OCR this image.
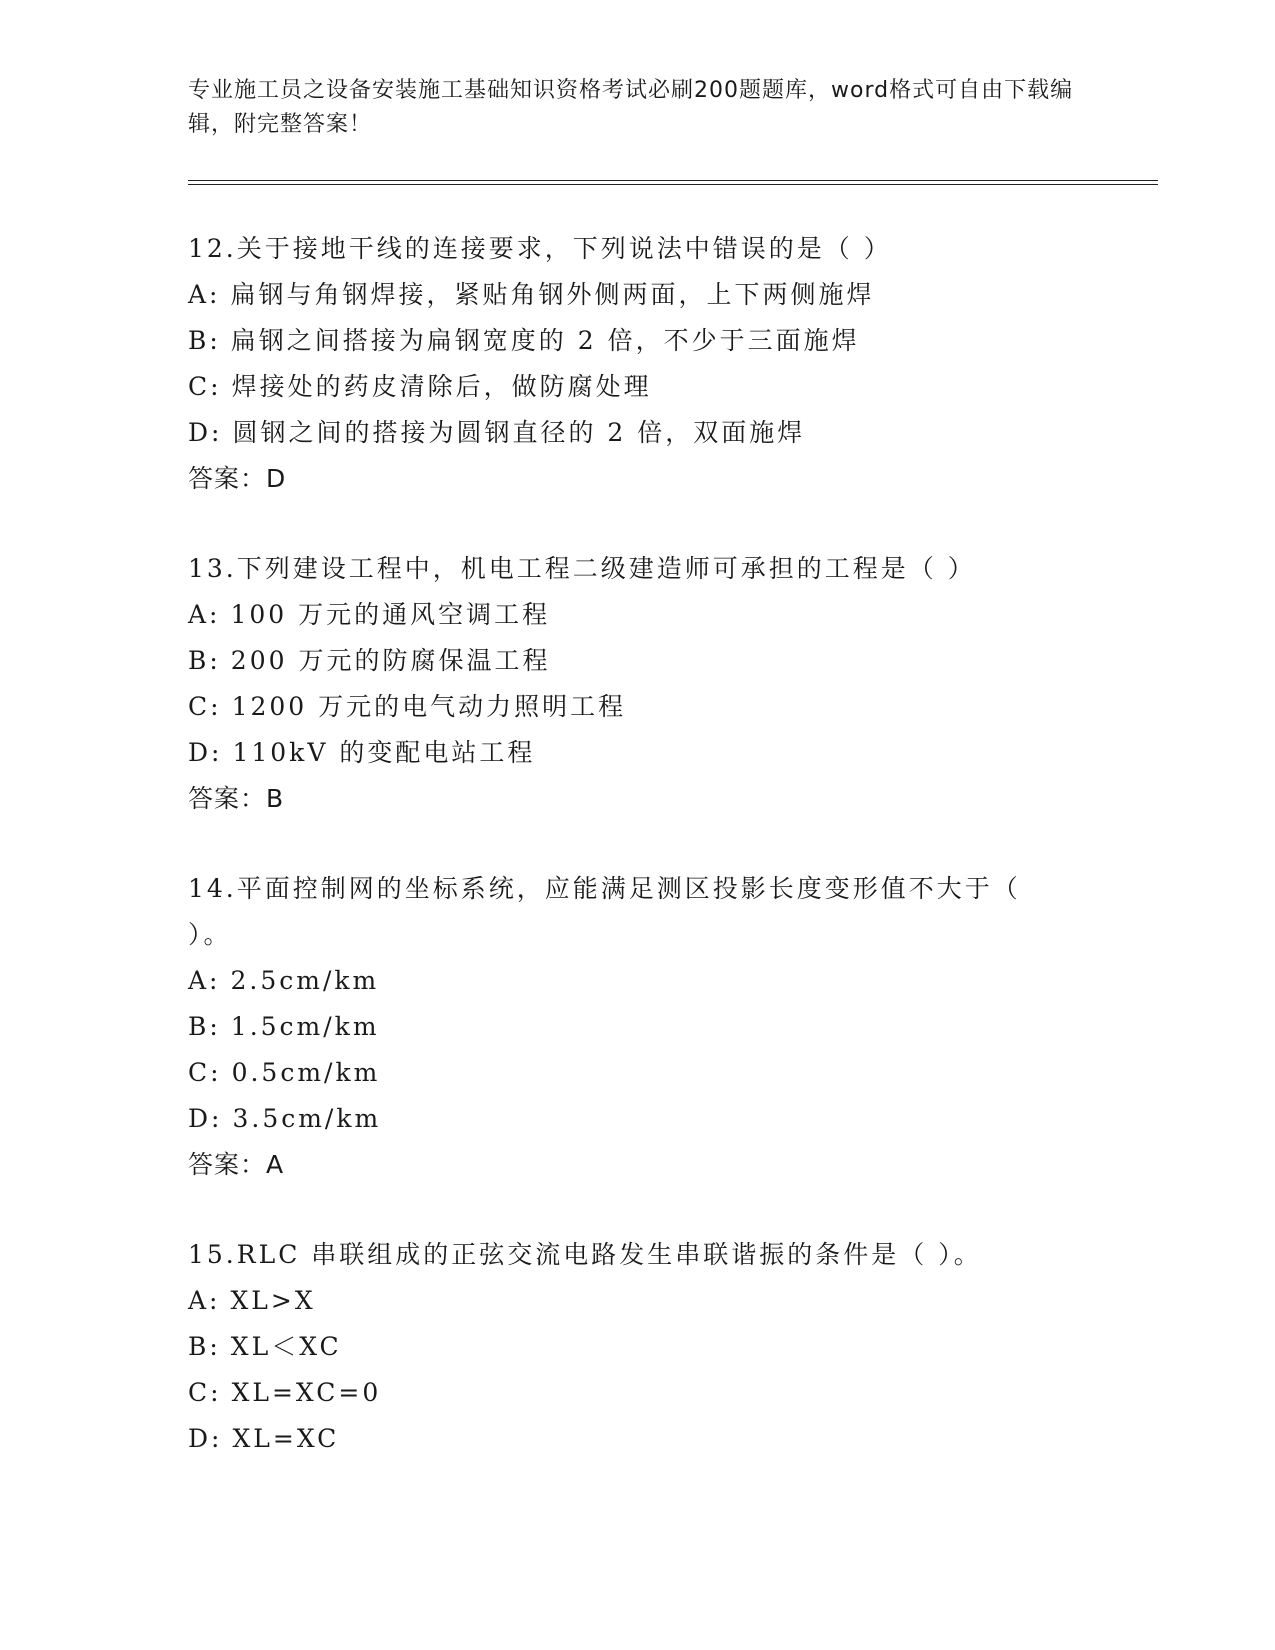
专业施工员之设备安装施工基础知识资格考试必刷200题题库，word格式可自由下载编辑，附完整答案！
12.关于接地干线的连接要求，下列说法中错误的是（ ）
A: 扁钢与角钢焊接，紧贴角钢外侧两面，上下两侧施焊
B: 扁钢之间搭接为扁钢宽度的 2 倍，不少于三面施焊
C: 焊接处的药皮清除后，做防腐处理
D: 圆钢之间的搭接为圆钢直径的 2 倍，双面施焊
答案：D
13.下列建设工程中，机电工程二级建造师可承担的工程是（ ）
A: 100 万元的通风空调工程
B: 200 万元的防腐保温工程
C: 1200 万元的电气动力照明工程
D: 110kV 的变配电站工程
答案：B
14.平面控制网的坐标系统，应能满足测区投影长度变形值不大于（ ）。
A: 2.5cm/km
B: 1.5cm/km
C: 0.5cm/km
D: 3.5cm/km
答案：A
15.RLC 串联组成的正弦交流电路发生串联谐振的条件是（ ）。
A: XL>X
B: XL＜XC
C: XL=XC=0
D: XL=XC
